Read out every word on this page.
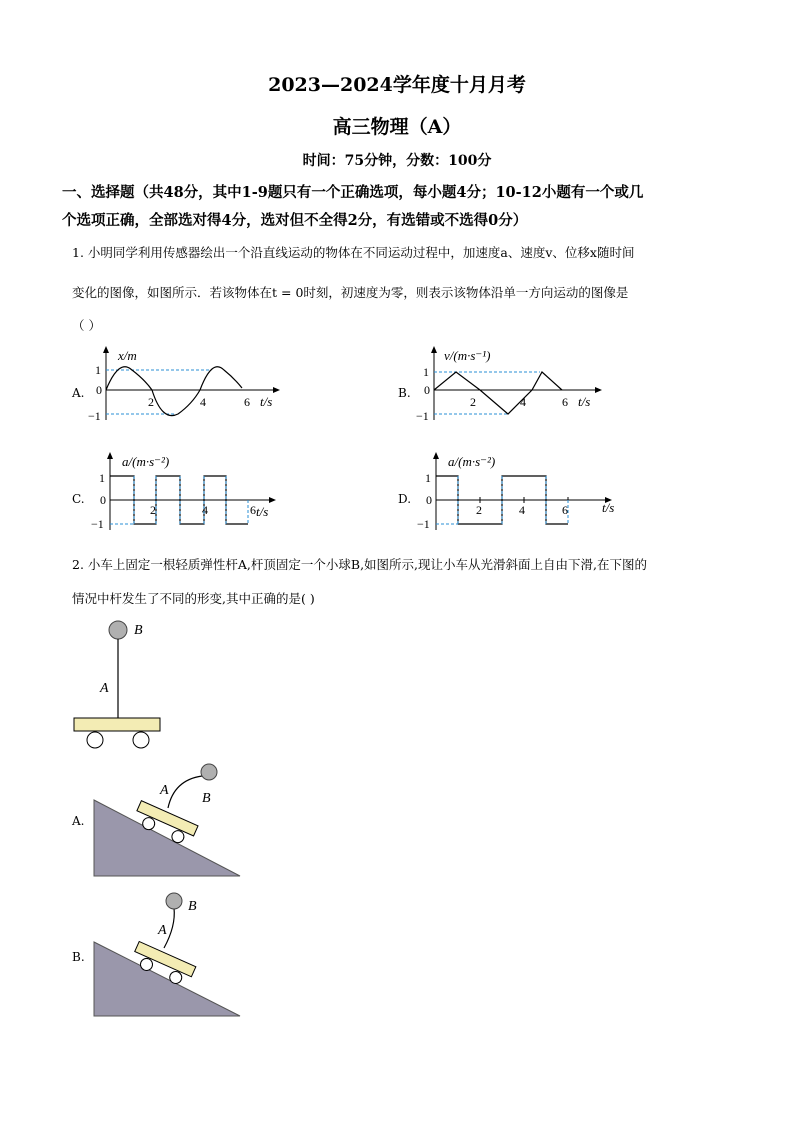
2023—2024学年度十月月考
高三物理（A）
时间：75分钟，分数：100分
一、选择题（共48分，其中1-9题只有一个正确选项，每小题4分；10-12小题有一个或几
个选项正确，全部选对得4分，选对但不全得2分，有选错或不选得0分）
1. 小明同学利用传感器绘出一个沿直线运动的物体在不同运动过程中，加速度a、速度v、位移x随时间
变化的图像，如图所示．若该物体在t = 0时刻，初速度为零，则表示该物体沿单一方向运动的图像是
（ ）
A.
x/m
t/s
1
0
−1
2	4	6
B.
v/(m·s⁻¹)
t/s
1
0
−1
2	4	6
C.
a/(m·s⁻²)
t/s
1
0
−1
2	4	6
D.
a/(m·s⁻²)
t/s
1
0
−1
2	4	6
2. 小车上固定一根轻质弹性杆A,杆顶固定一个小球B,如图所示,现让小车从光滑斜面上自由下滑,在下图的
情况中杆发生了不同的形变,其中正确的是( )
B
A
A.
A
B
B.
A
B
